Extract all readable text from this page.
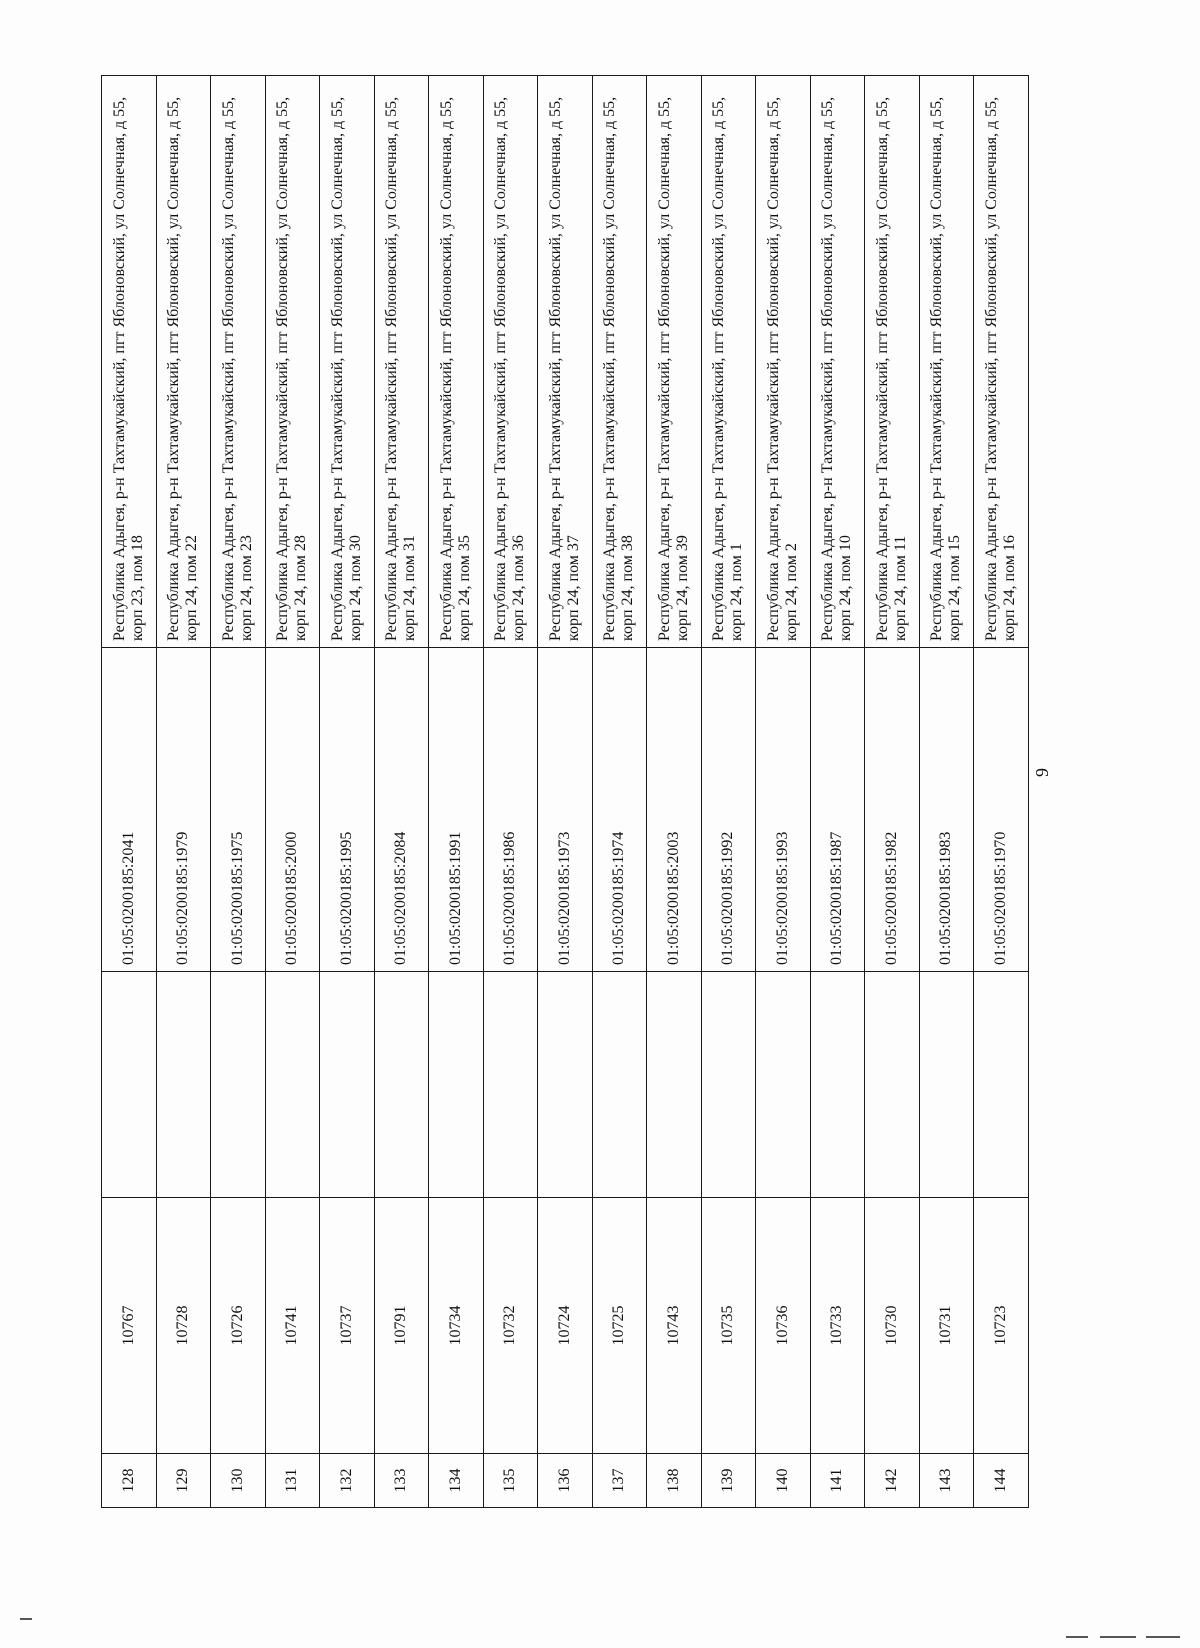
128	10767		01:05:0200185:2041	Республика Адыгея, р-н Тахтамукайский, пгт Яблоновский, ул Солнечная, д 55, корп 23, пом 18

129	10728		01:05:0200185:1979	Республика Адыгея, р-н Тахтамукайский, пгт Яблоновский, ул Солнечная, д 55, корп 24, пом 22

130	10726		01:05:0200185:1975	Республика Адыгея, р-н Тахтамукайский, пгт Яблоновский, ул Солнечная, д 55, корп 24, пом 23

131	10741		01:05:0200185:2000	Республика Адыгея, р-н Тахтамукайский, пгт Яблоновский, ул Солнечная, д 55, корп 24, пом 28

132	10737		01:05:0200185:1995	Республика Адыгея, р-н Тахтамукайский, пгт Яблоновский, ул Солнечная, д 55, корп 24, пом 30

133	10791		01:05:0200185:2084	Республика Адыгея, р-н Тахтамукайский, пгт Яблоновский, ул Солнечная, д 55, корп 24, пом 31

134	10734		01:05:0200185:1991	Республика Адыгея, р-н Тахтамукайский, пгт Яблоновский, ул Солнечная, д 55, корп 24, пом 35

135	10732		01:05:0200185:1986	Республика Адыгея, р-н Тахтамукайский, пгт Яблоновский, ул Солнечная, д 55, корп 24, пом 36

136	10724		01:05:0200185:1973	Республика Адыгея, р-н Тахтамукайский, пгт Яблоновский, ул Солнечная, д 55, корп 24, пом 37

137	10725		01:05:0200185:1974	Республика Адыгея, р-н Тахтамукайский, пгт Яблоновский, ул Солнечная, д 55, корп 24, пом 38

138	10743		01:05:0200185:2003	Республика Адыгея, р-н Тахтамукайский, пгт Яблоновский, ул Солнечная, д 55, корп 24, пом 39

139	10735		01:05:0200185:1992	Республика Адыгея, р-н Тахтамукайский, пгт Яблоновский, ул Солнечная, д 55, корп 24, пом 1

140	10736		01:05:0200185:1993	Республика Адыгея, р-н Тахтамукайский, пгт Яблоновский, ул Солнечная, д 55, корп 24, пом 2

141	10733		01:05:0200185:1987	Республика Адыгея, р-н Тахтамукайский, пгт Яблоновский, ул Солнечная, д 55, корп 24, пом 10

142	10730		01:05:0200185:1982	Республика Адыгея, р-н Тахтамукайский, пгт Яблоновский, ул Солнечная, д 55, корп 24, пом 11

143	10731		01:05:0200185:1983	Республика Адыгея, р-н Тахтамукайский, пгт Яблоновский, ул Солнечная, д 55, корп 24, пом 15

144	10723		01:05:0200185:1970	Республика Адыгея, р-н Тахтамукайский, пгт Яблоновский, ул Солнечная, д 55, корп 24, пом 16
9
